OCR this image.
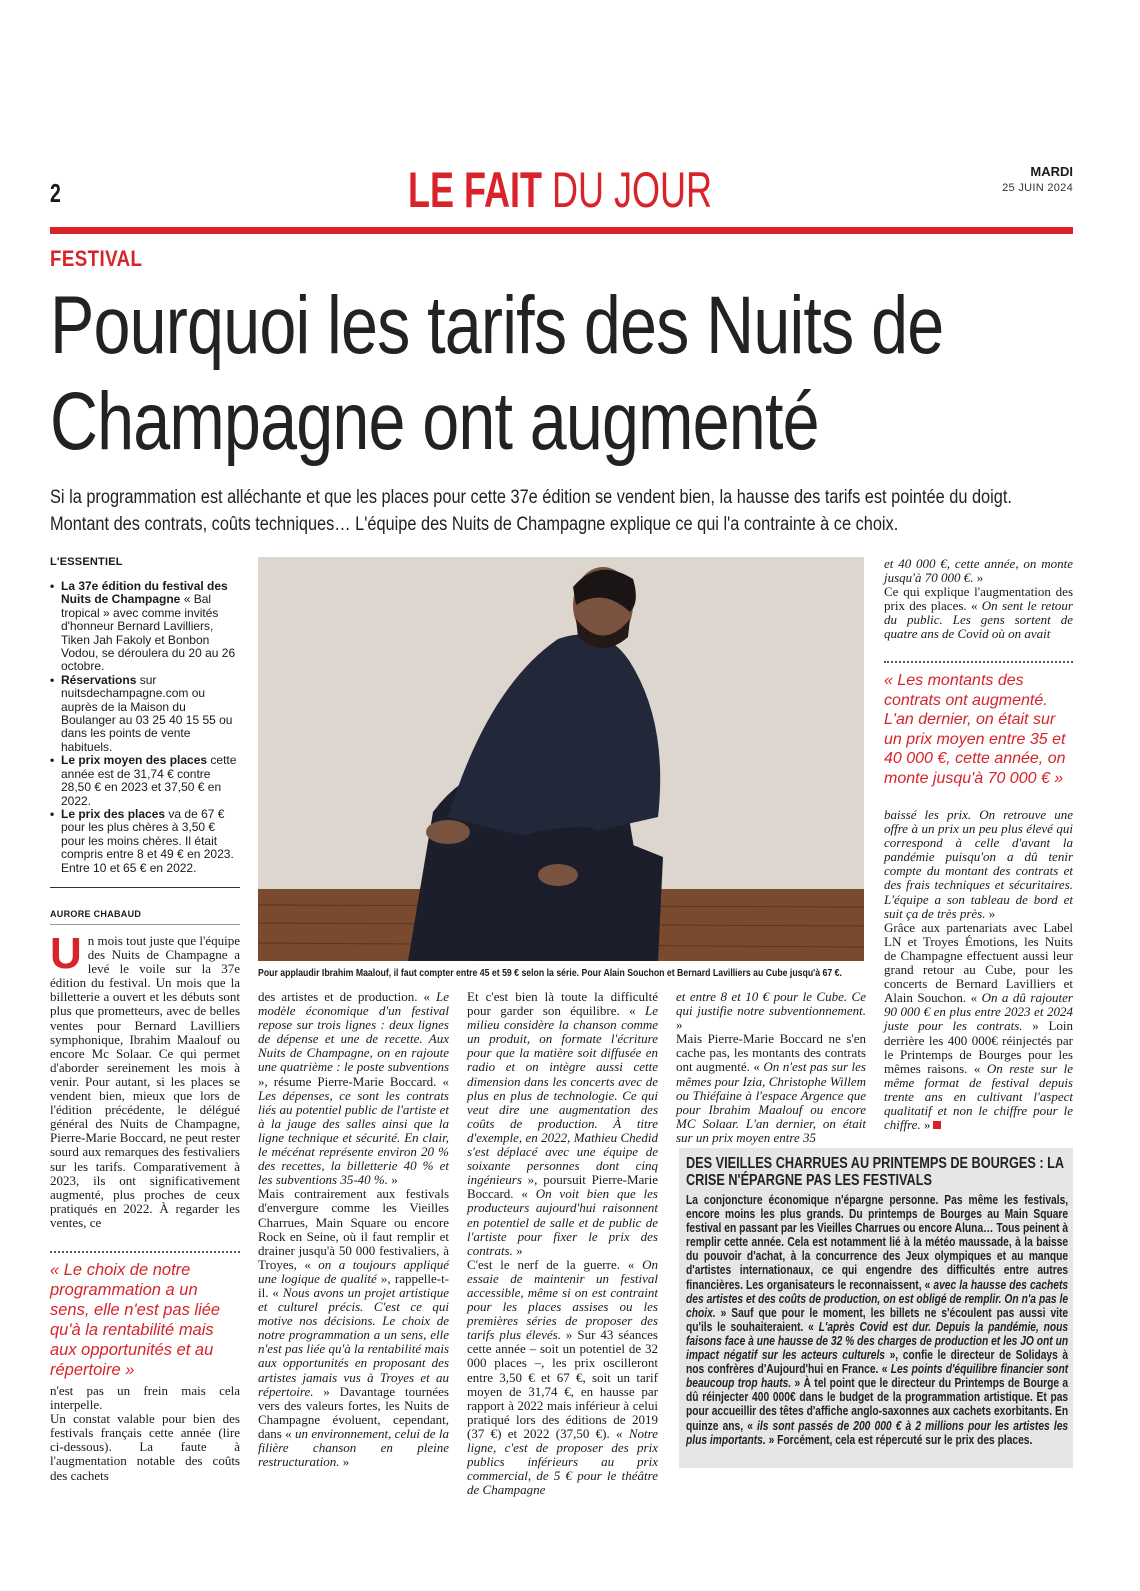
2	LE FAIT DU JOUR	MARDI
25 JUIN 2024
FESTIVAL
Pourquoi les tarifs des Nuits de Champagne ont augmenté
Si la programmation est alléchante et que les places pour cette 37e édition se vendent bien, la hausse des tarifs est pointée du doigt. Montant des contrats, coûts techniques… L'équipe des Nuits de Champagne explique ce qui l'a contrainte à ce choix.
L'ESSENTIEL
• La 37e édition du festival des Nuits de Champagne « Bal tropical » avec comme invités d'honneur Bernard Lavilliers, Tiken Jah Fakoly et Bonbon Vodou, se déroulera du 20 au 26 octobre.
• Réservations sur nuitsdechampagne.com ou auprès de la Maison du Boulanger au 03 25 40 15 55 ou dans les points de vente habituels.
• Le prix moyen des places cette année est de 31,74 € contre 28,50 € en 2023 et 37,50 € en 2022.
• Le prix des places va de 67 € pour les plus chères à 3,50 € pour les moins chères. Il était compris entre 8 et 49 € en 2023. Entre 10 et 65 € en 2022.
AURORE CHABAUD
U n mois tout juste que l'équipe des Nuits de Champagne a levé le voile sur la 37e édition du festival. Un mois que la billetterie a ouvert et les débuts sont plus que prometteurs, avec de belles ventes pour Bernard Lavilliers symphonique, Ibrahim Maalouf ou encore Mc Solaar. Ce qui permet d'aborder sereinement les mois à venir. Pour autant, si les places se vendent bien, mieux que lors de l'édition précédente, le délégué général des Nuits de Champagne, Pierre-Marie Boccard, ne peut rester sourd aux remarques des festivaliers sur les tarifs. Comparativement à 2023, ils ont significativement augmenté, plus proches de ceux pratiqués en 2022. À regarder les ventes, ce
« Le choix de notre programmation a un sens, elle n'est pas liée qu'à la rentabilité mais aux opportunités et au répertoire »

n'est pas un frein mais cela interpelle.

Un constat valable pour bien des festivals français cette année (lire ci-dessous). La faute à l'augmentation notable des coûts des cachets

Pour applaudir Ibrahim Maalouf, il faut compter entre 45 et 59 € selon la série. Pour Alain Souchon et Bernard Lavilliers au Cube jusqu'à 67 €.

des artistes et de production. « Le modèle économique d'un festival repose sur trois lignes : deux lignes de dépense et une de recette. Aux Nuits de Champagne, on en rajoute une quatrième : le poste subventions », résume Pierre-Marie Boccard. « Les dépenses, ce sont les contrats liés au potentiel public de l'artiste et à la jauge des salles ainsi que la ligne technique et sécurité. En clair, le mécénat représente environ 20 % des recettes, la billetterie 40 % et les subventions 35-40 %. »

Mais contrairement aux festivals d'envergure comme les Vieilles Charrues, Main Square ou encore Rock en Seine, où il faut remplir et drainer jusqu'à 50 000 festivaliers, à Troyes, « on a toujours appliqué une logique de qualité », rappelle-t-il. « Nous avons un projet artistique et culturel précis. C'est ce qui motive nos décisions. Le choix de notre programmation a un sens, elle n'est pas liée qu'à la rentabilité mais aux opportunités en proposant des artistes jamais vus à Troyes et au répertoire. » Davantage tournées vers des valeurs fortes, les Nuits de Champagne évoluent, cependant, dans « un environnement, celui de la filière chanson en pleine restructuration. »

Et c'est bien là toute la difficulté pour garder son équilibre. « Le milieu considère la chanson comme un produit, on formate l'écriture pour que la matière soit diffusée en radio et on intègre aussi cette dimension dans les concerts avec de plus en plus de technologie. Ce qui veut dire une augmentation des coûts de production. À titre d'exemple, en 2022, Mathieu Chedid s'est déplacé avec une équipe de soixante personnes dont cinq ingénieurs », poursuit Pierre-Marie Boccard. « On voit bien que les producteurs aujourd'hui raisonnent en potentiel de salle et de public de l'artiste pour fixer le prix des contrats. »

C'est le nerf de la guerre. « On essaie de maintenir un festival accessible, même si on est contraint pour les places assises ou les premières séries de proposer des tarifs plus élevés. » Sur 43 séances cette année – soit un potentiel de 32 000 places –, les prix oscilleront entre 3,50 € et 67 €, soit un tarif moyen de 31,74 €, en hausse par rapport à 2022 mais inférieur à celui pratiqué lors des éditions de 2019 (37 €) et 2022 (37,50 €). « Notre ligne, c'est de proposer des prix publics inférieurs au prix commercial, de 5 € pour le théâtre de Champagne

et entre 8 et 10 € pour le Cube. Ce qui justifie notre subventionnement. »

Mais Pierre-Marie Boccard ne s'en cache pas, les montants des contrats ont augmenté. « On n'est pas sur les mêmes pour Izia, Christophe Willem ou Thiéfaine à l'espace Argence que pour Ibrahim Maalouf ou encore MC Solaar. L'an dernier, on était sur un prix moyen entre 35

et 40 000 €, cette année, on monte jusqu'à 70 000 €. »

Ce qui explique l'augmentation des prix des places. « On sent le retour du public. Les gens sortent de quatre ans de Covid où on avait

« Les montants des contrats ont augmenté. L'an dernier, on était sur un prix moyen entre 35 et 40 000 €, cette année, on monte jusqu'à 70 000 € »

baissé les prix. On retrouve une offre à un prix un peu plus élevé qui correspond à celle d'avant la pandémie puisqu'on a dû tenir compte du montant des contrats et des frais techniques et sécuritaires. L'équipe a son tableau de bord et suit ça de très près. »

Grâce aux partenariats avec Label LN et Troyes Émotions, les Nuits de Champagne effectuent aussi leur grand retour au Cube, pour les concerts de Bernard Lavilliers et Alain Souchon. « On a dû rajouter 90 000 € en plus entre 2023 et 2024 juste pour les contrats. » Loin derrière les 400 000€ réinjectés par le Printemps de Bourges pour les mêmes raisons. « On reste sur le même format de festival depuis trente ans en cultivant l'aspect qualitatif et non le chiffre pour le chiffre. »

DES VIEILLES CHARRUES AU PRINTEMPS DE BOURGES : LA CRISE N'ÉPARGNE PAS LES FESTIVALS
La conjoncture économique n'épargne personne. Pas même les festivals, encore moins les plus grands. Du printemps de Bourges au Main Square festival en passant par les Vieilles Charrues ou encore Aluna… Tous peinent à remplir cette année. Cela est notamment lié à la météo maussade, à la baisse du pouvoir d'achat, à la concurrence des Jeux olympiques et au manque d'artistes internationaux, ce qui engendre des difficultés entre autres financières. Les organisateurs le reconnaissent, « avec la hausse des cachets des artistes et des coûts de production, on est obligé de remplir. On n'a pas le choix. » Sauf que pour le moment, les billets ne s'écoulent pas aussi vite qu'ils le souhaiteraient. « L'après Covid est dur. Depuis la pandémie, nous faisons face à une hausse de 32 % des charges de production et les JO ont un impact négatif sur les acteurs culturels », confie le directeur de Solidays à nos confrères d'Aujourd'hui en France. « Les points d'équilibre financier sont beaucoup trop hauts. » À tel point que le directeur du Printemps de Bourge a dû réinjecter 400 000€ dans le budget de la programmation artistique. Et pas pour accueillir des têtes d'affiche anglo-saxonnes aux cachets exorbitants. En quinze ans, « ils sont passés de 200 000 € à 2 millions pour les artistes les plus importants. » Forcément, cela est répercuté sur le prix des places.
